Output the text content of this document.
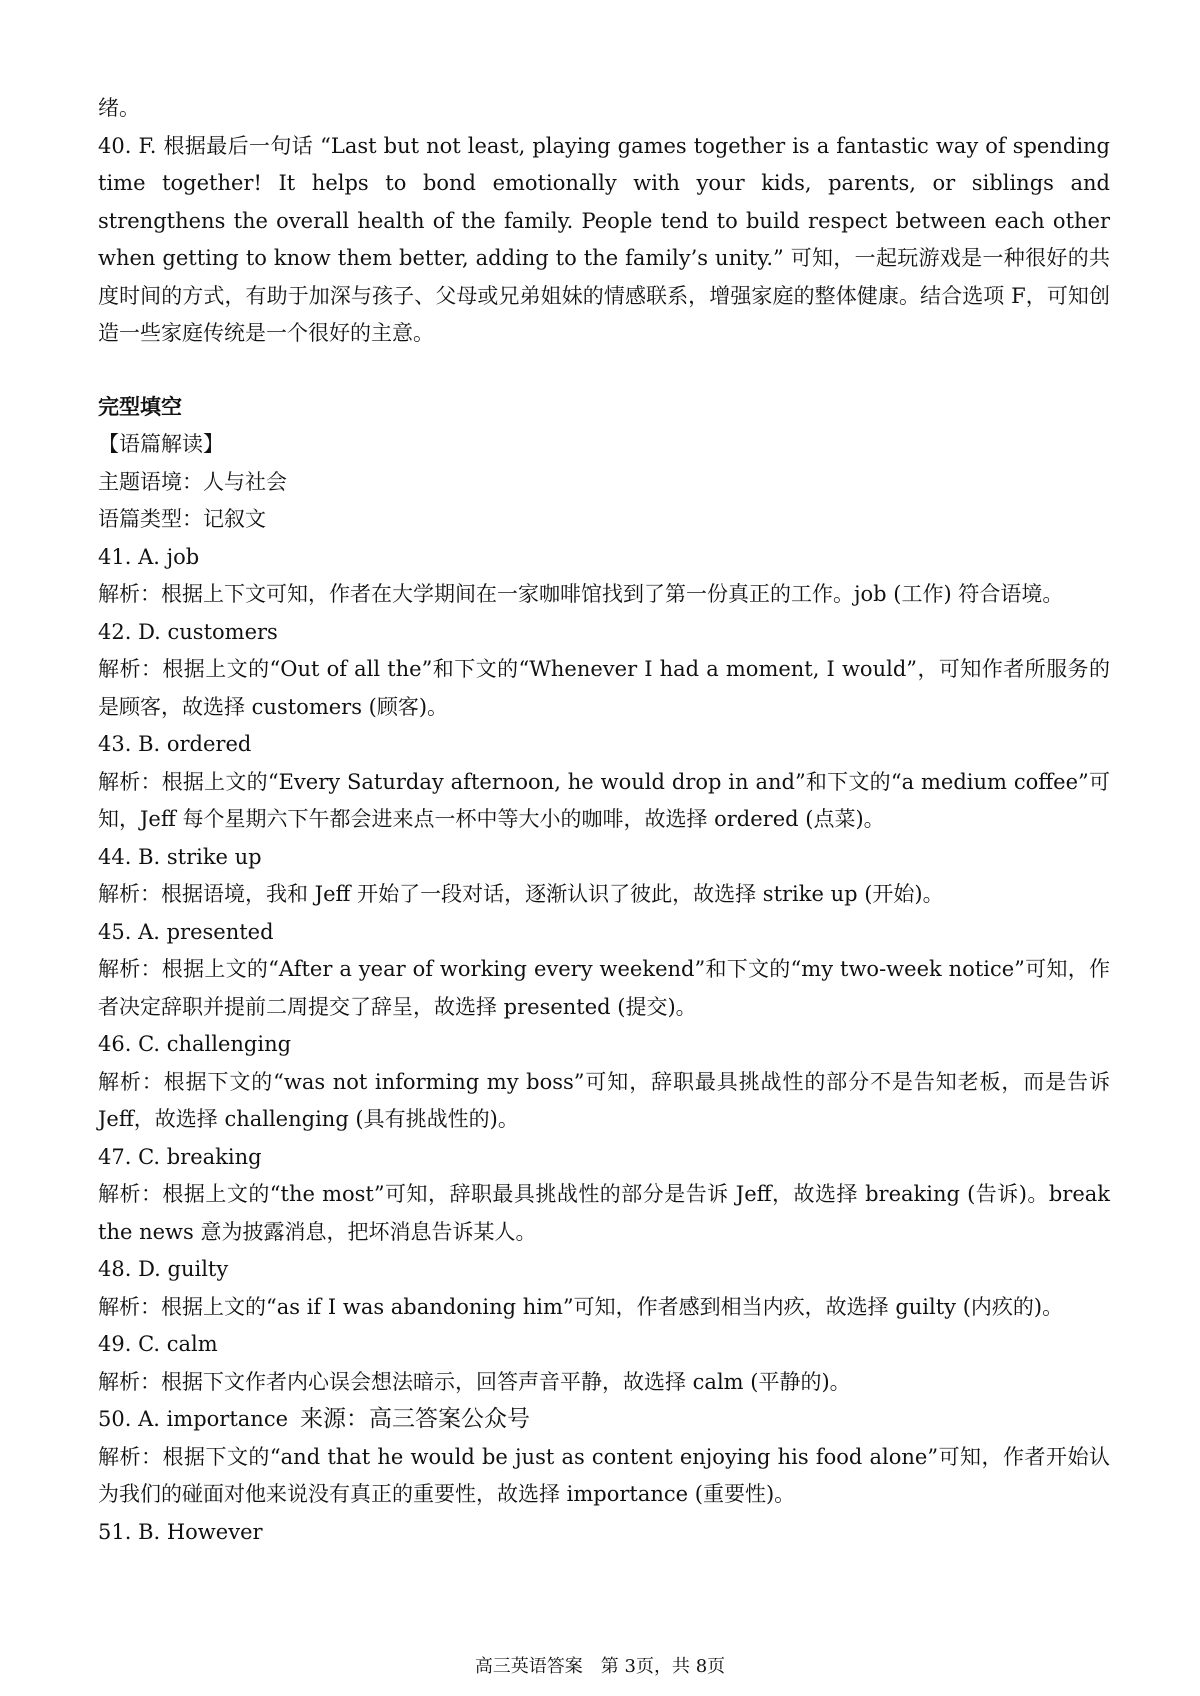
绪。
40. F. 根据最后一句话 “Last but not least, playing games together is a fantastic way of spending time together! It helps to bond emotionally with your kids, parents, or siblings and strengthens the overall health of the family. People tend to build respect between each other when getting to know them better, adding to the family’s unity.” 可知，一起玩游戏是一种很好的共度时间的方式，有助于加深与孩子、父母或兄弟姐妹的情感联系，增强家庭的整体健康。结合选项 F，可知创造一些家庭传统是一个很好的主意。
完型填空
【语篇解读】
主题语境：人与社会
语篇类型：记叙文
41. A. job
解析：根据上下文可知，作者在大学期间在一家咖啡馆找到了第一份真正的工作。job (工作) 符合语境。
42. D. customers
解析：根据上文的“Out of all the”和下文的“Whenever I had a moment, I would”，可知作者所服务的是顾客，故选择 customers (顾客)。
43. B. ordered
解析：根据上文的“Every Saturday afternoon, he would drop in and”和下文的“a medium coffee”可知，Jeff 每个星期六下午都会进来点一杯中等大小的咖啡，故选择 ordered (点菜)。
44. B. strike up
解析：根据语境，我和 Jeff 开始了一段对话，逐渐认识了彼此，故选择 strike up (开始)。
45. A. presented
解析：根据上文的“After a year of working every weekend”和下文的“my two-week notice”可知，作者决定辞职并提前二周提交了辞呈，故选择 presented (提交)。
46. C. challenging
解析：根据下文的“was not informing my boss”可知，辞职最具挑战性的部分不是告知老板，而是告诉 Jeff，故选择 challenging (具有挑战性的)。
47. C. breaking
解析：根据上文的“the most”可知，辞职最具挑战性的部分是告诉 Jeff，故选择 breaking (告诉)。break the news 意为披露消息，把坏消息告诉某人。
48. D. guilty
解析：根据上文的“as if I was abandoning him”可知，作者感到相当内疚，故选择 guilty (内疚的)。
49. C. calm
解析：根据下文作者内心误会想法暗示，回答声音平静，故选择 calm (平静的)。
50. A. importance 来源：高三答案公众号
解析：根据下文的“and that he would be just as content enjoying his food alone”可知，作者开始认为我们的碰面对他来说没有真正的重要性，故选择 importance (重要性)。
51. B. However
高三英语答案　第 3页，共 8页
